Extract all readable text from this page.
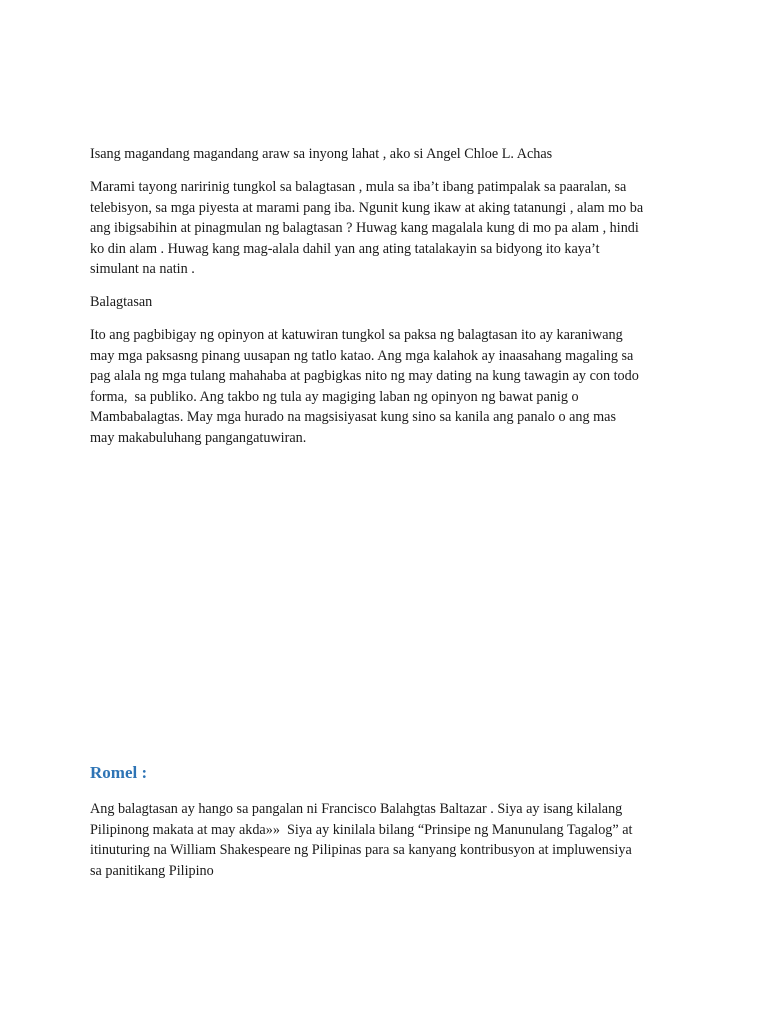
Isang magandang magandang araw sa inyong lahat , ako si Angel Chloe L. Achas

Marami tayong naririnig tungkol sa balagtasan , mula sa iba’t ibang patimpalak sa paaralan, sa
telebisyon, sa mga piyesta at marami pang iba. Ngunit kung ikaw at aking tatanungi , alam mo ba
ang ibigsabihin at pinagmulan ng balagtasan ? Huwag kang magalala kung di mo pa alam , hindi
ko din alam . Huwag kang mag-alala dahil yan ang ating tatalakayin sa bidyong ito kaya’t
simulant na natin .

Balagtasan

Ito ang pagbibigay ng opinyon at katuwiran tungkol sa paksa ng balagtasan ito ay karaniwang
may mga paksasng pinang uusapan ng tatlo katao. Ang mga kalahok ay inaasahang magaling sa
pag alala ng mga tulang mahahaba at pagbigkas nito ng may dating na kung tawagin ay con todo
forma,  sa publiko. Ang takbo ng tula ay magiging laban ng opinyon ng bawat panig o
Mambabalagtas. May mga hurado na magsisiyasat kung sino sa kanila ang panalo o ang mas
may makabuluhang pangangatuwiran.

Romel :

Ang balagtasan ay hango sa pangalan ni Francisco Balahgtas Baltazar . Siya ay isang kilalang
Pilipinong makata at may akda»»  Siya ay kinilala bilang “Prinsipe ng Manunulang Tagalog” at
itinuturing na William Shakespeare ng Pilipinas para sa kanyang kontribusyon at impluwensiya
sa panitikang Pilipino
